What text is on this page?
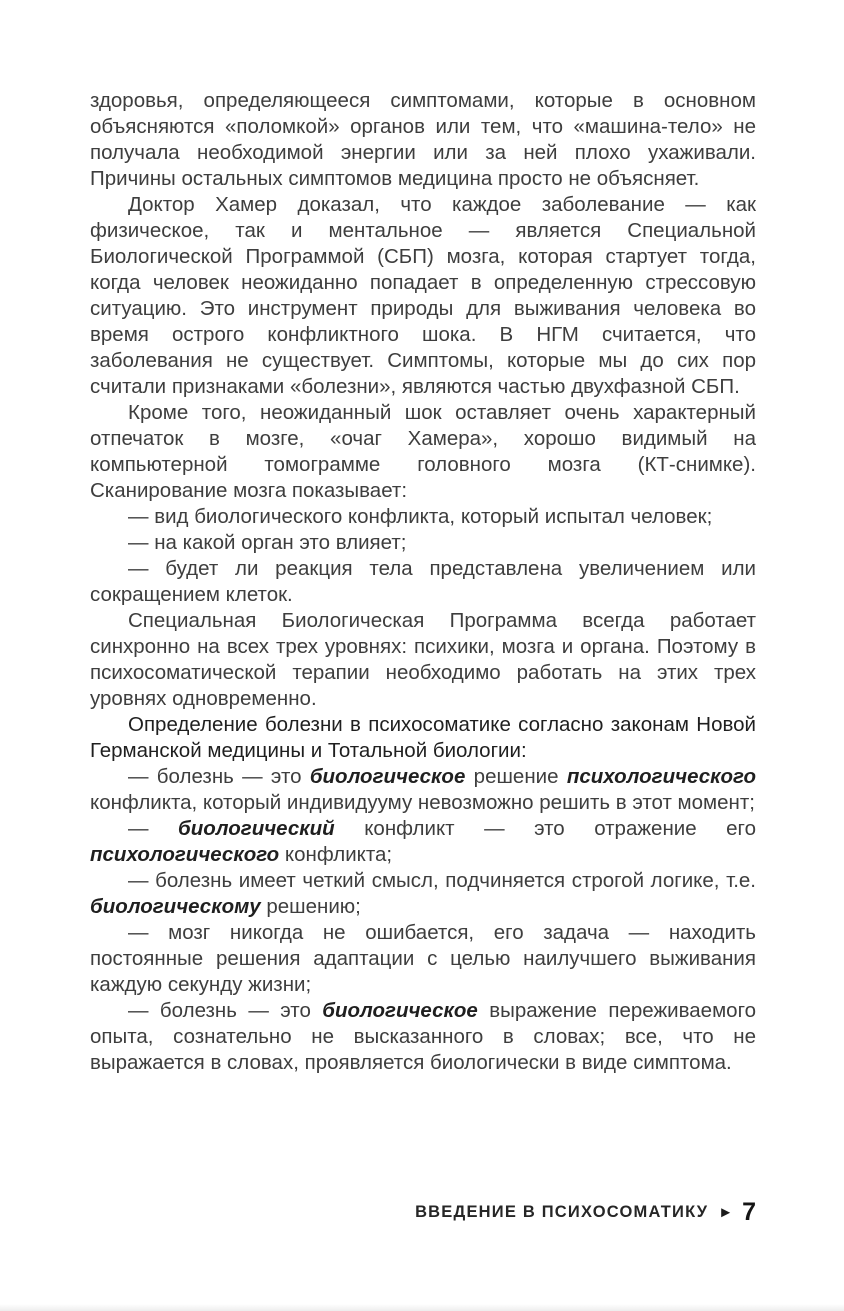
здоровья, определяющееся симптомами, которые в основном объясняются «поломкой» органов или тем, что «машина-тело» не получала необходимой энергии или за ней плохо ухаживали. Причины остальных симптомов медицина просто не объясняет.

Доктор Хамер доказал, что каждое заболевание — как физическое, так и ментальное — является Специальной Биологической Программой (СБП) мозга, которая стартует тогда, когда человек неожиданно попадает в определенную стрессовую ситуацию. Это инструмент природы для выживания человека во время острого конфликтного шока. В НГМ считается, что заболевания не существует. Симптомы, которые мы до сих пор считали признаками «болезни», являются частью двухфазной СБП.

Кроме того, неожиданный шок оставляет очень характерный отпечаток в мозге, «очаг Хамера», хорошо видимый на компьютерной томограмме головного мозга (КТ-снимке). Сканирование мозга показывает:

— вид биологического конфликта, который испытал человек;

— на какой орган это влияет;

— будет ли реакция тела представлена увеличением или сокращением клеток.

Специальная Биологическая Программа всегда работает синхронно на всех трех уровнях: психики, мозга и органа. Поэтому в психосоматической терапии необходимо работать на этих трех уровнях одновременно.

Определение болезни в психосоматике согласно законам Новой Германской медицины и Тотальной биологии:

— болезнь — это биологическое решение психологического конфликта, который индивидууму невозможно решить в этот момент;

— биологический конфликт — это отражение его психологического конфликта;

— болезнь имеет четкий смысл, подчиняется строгой логике, т.е. биологическому решению;

— мозг никогда не ошибается, его задача — находить постоянные решения адаптации с целью наилучшего выживания каждую секунду жизни;

— болезнь — это биологическое выражение переживаемого опыта, сознательно не высказанного в словах; все, что не выражается в словах, проявляется биологически в виде симптома.

ВВЕДЕНИЕ В ПСИХОСОМАТИКУ ► 7
